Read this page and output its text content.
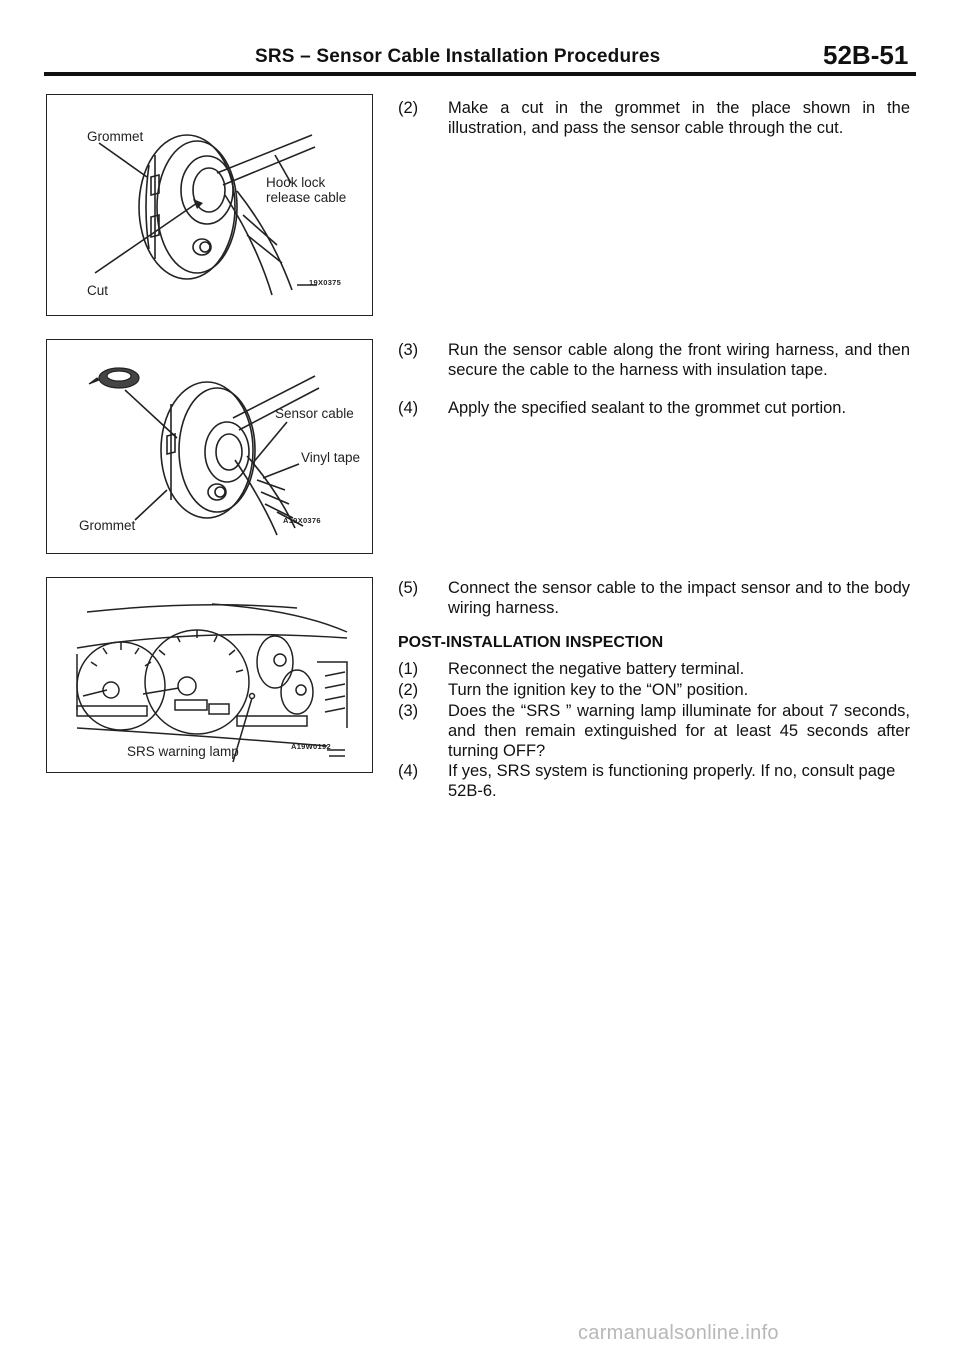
SRS – Sensor Cable Installation Procedures	52B-51
Grommet
Hook lock
release cable
Cut
19X0375
Sensor cable
Vinyl tape
Grommet	A19X0376
SRS warning lamp	A19W0192
(2)	Make a cut in the grommet in the place shown in the illustration, and pass the sensor cable through the cut.
(3)	Run the sensor cable along the front wiring harness, and then secure the cable to the harness with insulation tape.
(4)	Apply the specified sealant to the grommet cut portion.
(5)	Connect the sensor cable to the impact sensor and to the body wiring harness.
POST-INSTALLATION INSPECTION
(1)	Reconnect the negative battery terminal.
(2)	Turn the ignition key to the “ON” position.
(3)	Does the “SRS ” warning lamp illuminate for about 7 seconds, and then remain extinguished for at least 45 seconds after turning OFF?
(4)	If yes, SRS system is functioning properly. If no, consult page 52B-6.
carmanualsonline.info
